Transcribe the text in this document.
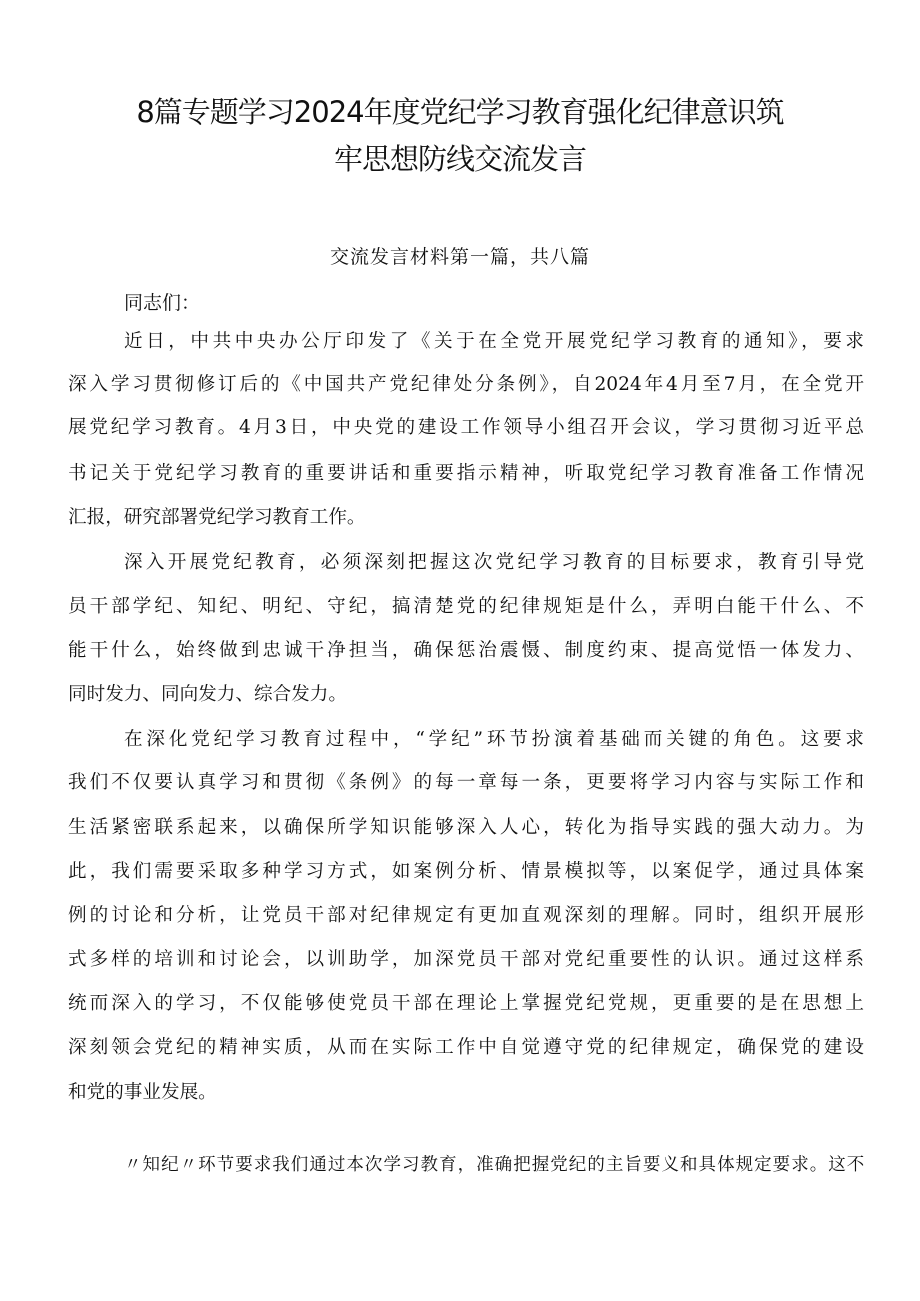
8篇专题学习2024年度党纪学习教育强化纪律意识筑
牢思想防线交流发言
交流发言材料第一篇，共八篇
同志们：
近日，中共中央办公厅印发了《关于在全党开展党纪学习教育的通知》，要求
深入学习贯彻修订后的《中国共产党纪律处分条例》，自2024年4月至7月，在全党开
展党纪学习教育。4月3日，中央党的建设工作领导小组召开会议，学习贯彻习近平总
书记关于党纪学习教育的重要讲话和重要指示精神，听取党纪学习教育准备工作情况
汇报，研究部署党纪学习教育工作。
深入开展党纪教育，必须深刻把握这次党纪学习教育的目标要求，教育引导党
员干部学纪、知纪、明纪、守纪，搞清楚党的纪律规矩是什么，弄明白能干什么、不
能干什么，始终做到忠诚干净担当，确保惩治震慑、制度约束、提高觉悟一体发力、
同时发力、同向发力、综合发力。
在深化党纪学习教育过程中，“学纪”环节扮演着基础而关键的角色。这要求
我们不仅要认真学习和贯彻《条例》的每一章每一条，更要将学习内容与实际工作和
生活紧密联系起来，以确保所学知识能够深入人心，转化为指导实践的强大动力。为
此，我们需要采取多种学习方式，如案例分析、情景模拟等，以案促学，通过具体案
例的讨论和分析，让党员干部对纪律规定有更加直观深刻的理解。同时，组织开展形
式多样的培训和讨论会，以训助学，加深党员干部对党纪重要性的认识。通过这样系
统而深入的学习，不仅能够使党员干部在理论上掌握党纪党规，更重要的是在思想上
深刻领会党纪的精神实质，从而在实际工作中自觉遵守党的纪律规定，确保党的建设
和党的事业发展。
〃知纪〃环节要求我们通过本次学习教育，准确把握党纪的主旨要义和具体规定要求。这不
